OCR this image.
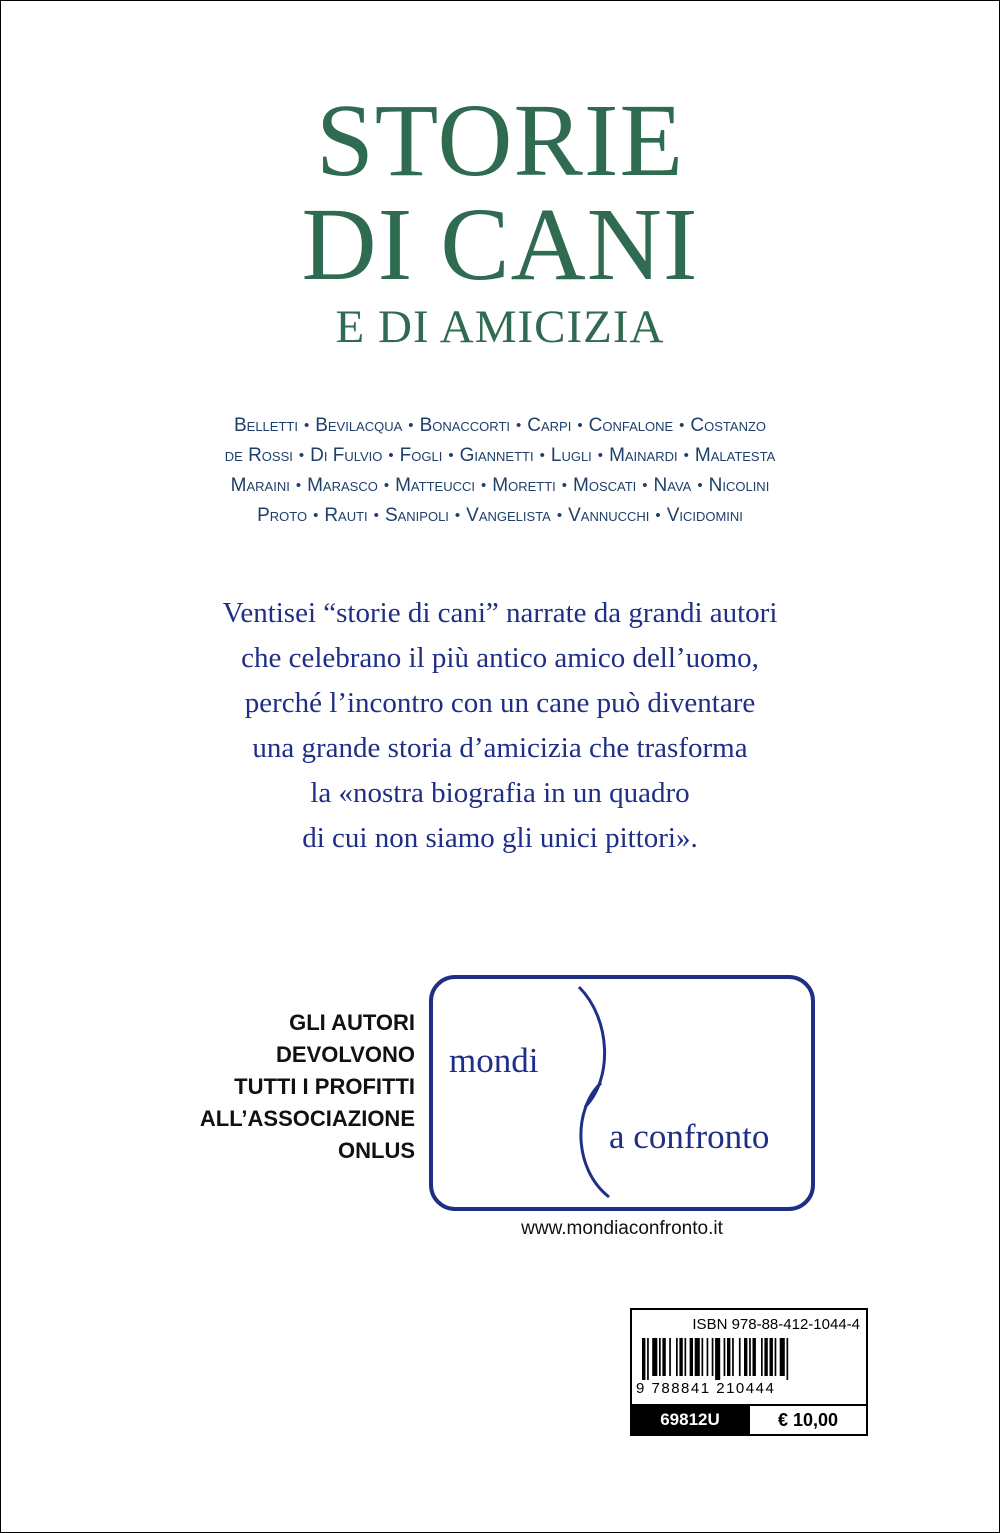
STORIE
DI CANI
E DI AMICIZIA
Belletti • Bevilacqua • Bonaccorti • Carpi • Confalone • Costanzo
de Rossi • Di Fulvio • Fogli • Giannetti • Lugli • Mainardi • Malatesta
Maraini • Marasco • Matteucci • Moretti • Moscati • Nava • Nicolini
Proto • Rauti • Sanipoli • Vangelista • Vannucchi • Vicidomini
Ventisei “storie di cani” narrate da grandi autori
che celebrano il più antico amico dell’uomo,
perché l’incontro con un cane può diventare
una grande storia d’amicizia che trasforma
la «nostra biografia in un quadro
di cui non siamo gli unici pittori».
GLI AUTORI
DEVOLVONO
TUTTI I PROFITTI
ALL’ASSOCIAZIONE
ONLUS
mondi
a confronto
www.mondiaconfronto.it
ISBN 978-88-412-1044-4
9 788841 210444
69812U	€ 10,00
